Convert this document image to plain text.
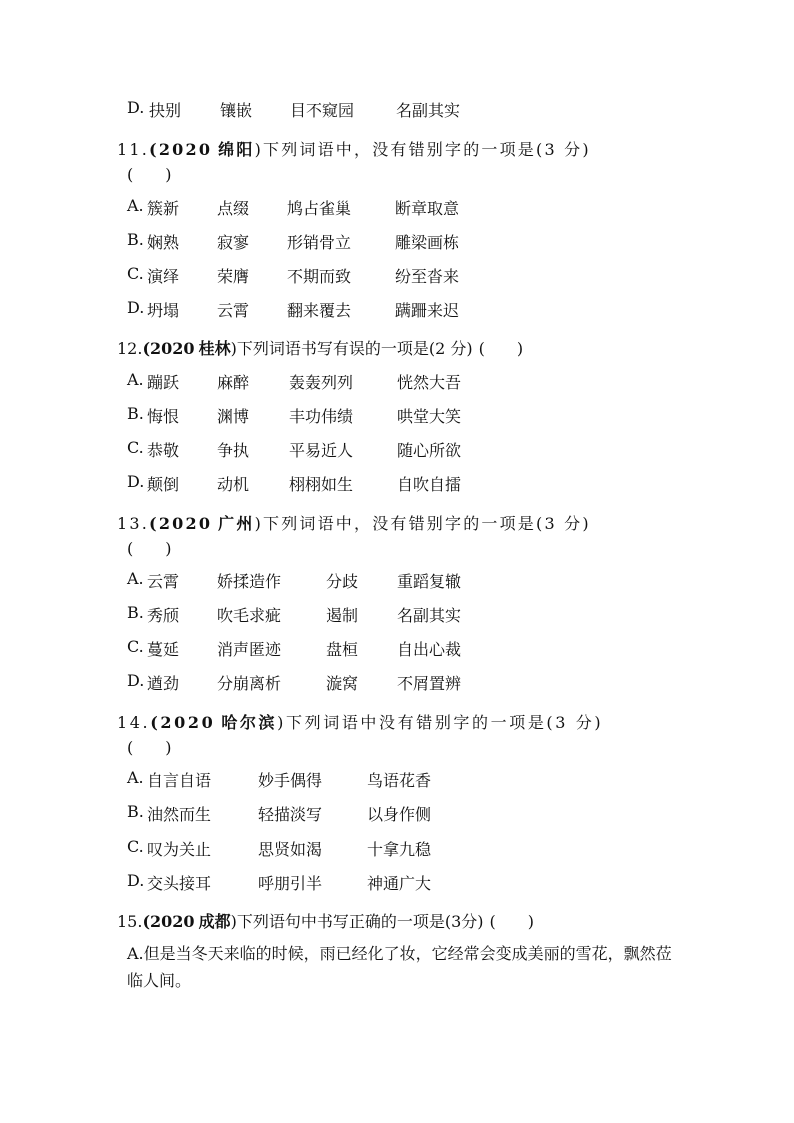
D. 抉别 镶嵌 目不窥园	名副其实
11.(2020 绵阳)下列词语中，没有错别字的一项是(3 分)
(　　)
A. 簇新 点缀 鸠占雀巢	断章取意
B. 娴熟 寂寥 形销骨立	雕梁画栋
C. 演绎 荣膺 不期而致	纷至沓来
D. 坍塌 云霄 翻来覆去	蹒跚来迟
12.(2020 桂林)下列词语书写有误的一项是(2 分) (　　)
A. 蹦跃 麻醉 轰轰列列	恍然大吾
B. 悔恨 渊博 丰功伟绩	哄堂大笑
C. 恭敬 争执 平易近人	随心所欲
D. 颠倒 动机 栩栩如生	自吹自擂
13.(2020 广州)下列词语中，没有错别字的一项是(3 分)
(　　)
A. 云霄 娇揉造作	分歧 重蹈复辙
B. 秀颀 吹毛求疵	遏制 名副其实
C. 蔓延 消声匿迹	盘桓 自出心裁
D. 遒劲 分崩离析	漩窝 不屑置辨
14.(2020 哈尔滨)下列词语中没有错别字的一项是(3 分)
(　　)
A. 自言自语	妙手偶得	鸟语花香
B. 油然而生	轻描淡写	以身作侧
C. 叹为关止	思贤如渴	十拿九稳
D. 交头接耳	呼朋引半	神通广大
15.(2020 成都)下列语句中书写正确的一项是(3分) (　　)
A.但是当冬天来临的时候，雨已经化了妆，它经常会变成美丽的雪花，飘然莅临人间。
